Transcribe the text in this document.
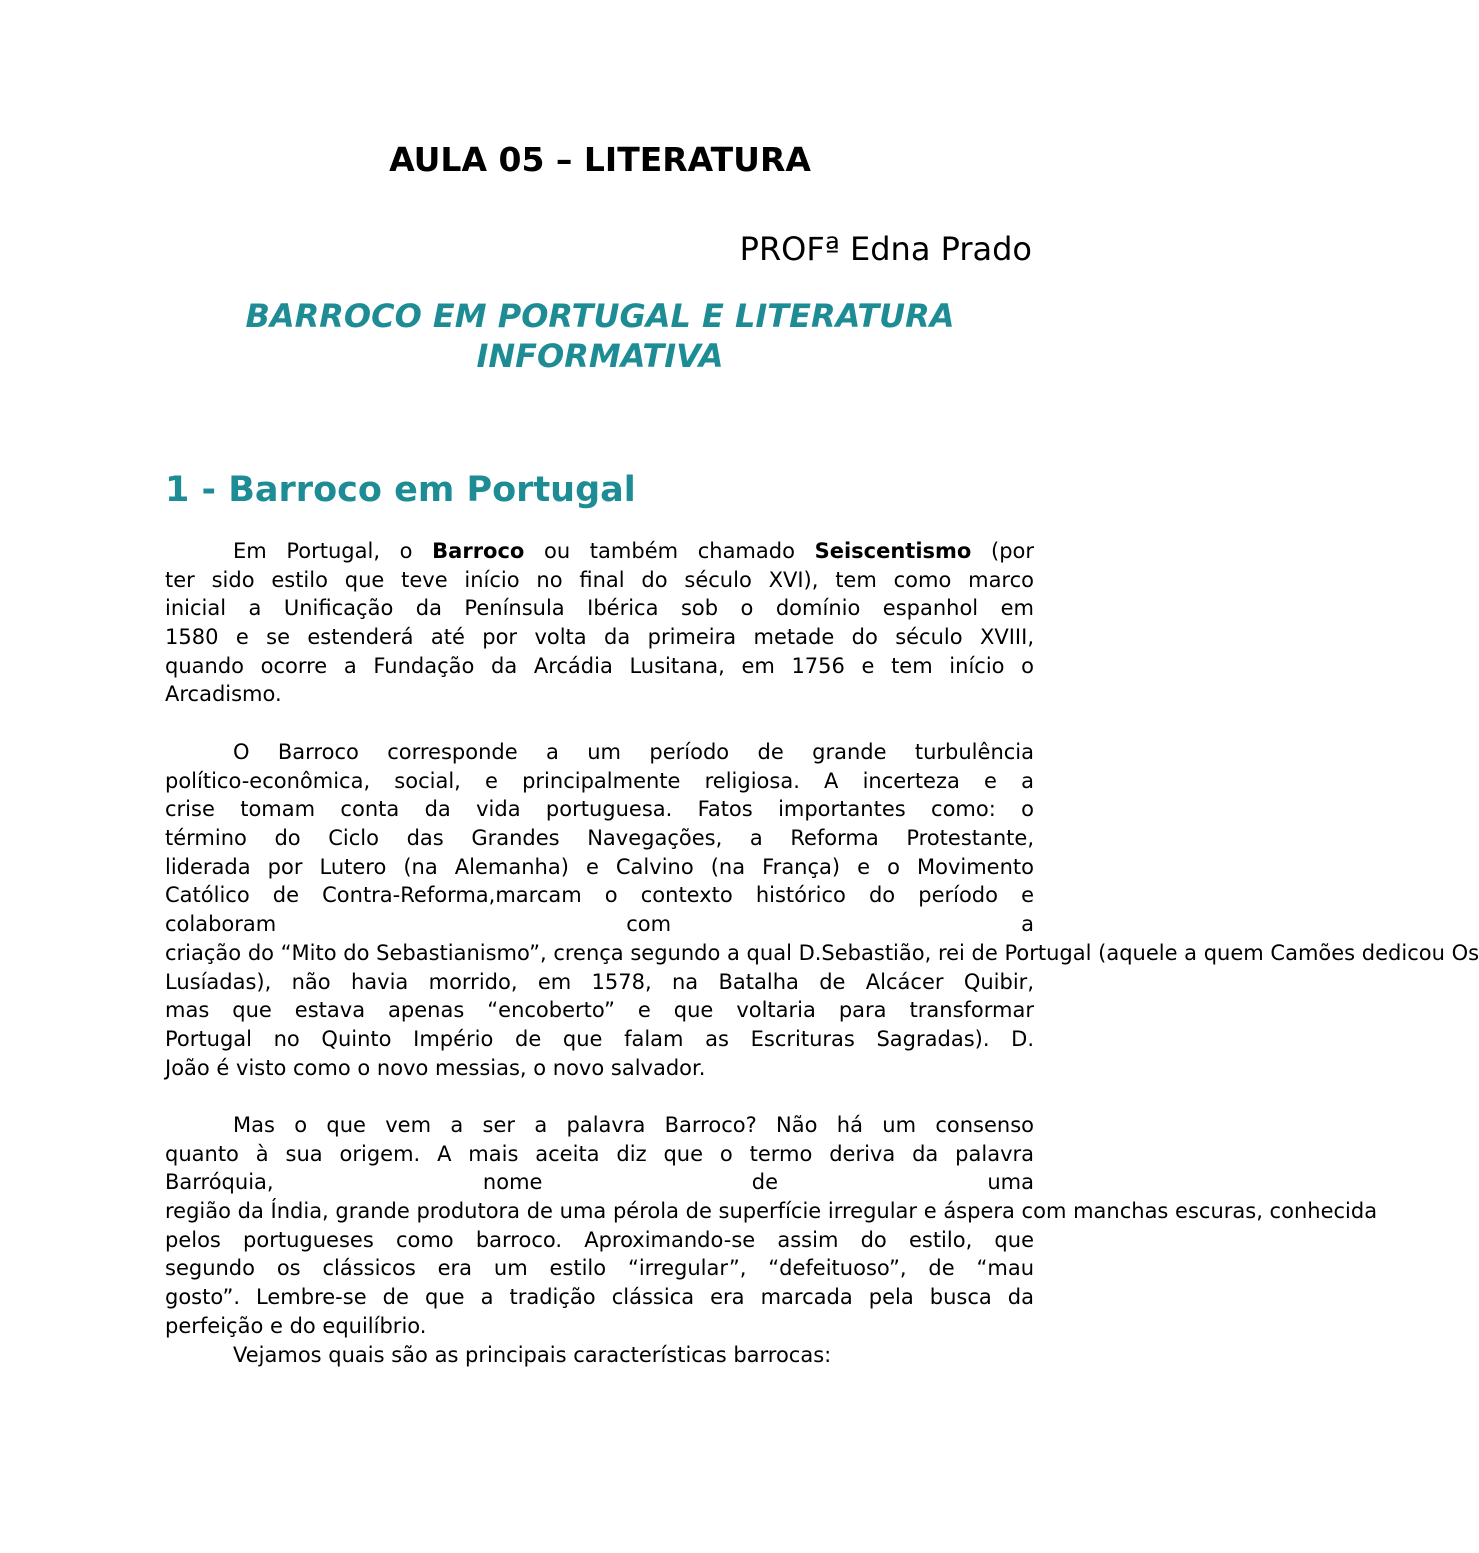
AULA 05 – LITERATURA

PROFª Edna Prado

BARROCO EM PORTUGAL E LITERATURA
INFORMATIVA
1 - Barroco em Portugal
Em Portugal, o Barroco ou também chamado Seiscentismo (por
ter sido estilo que teve início no final do século XVI), tem como marco
inicial a Unificação da Península Ibérica sob o domínio espanhol em
1580 e se estenderá até por volta da primeira metade do século XVIII,
quando ocorre a Fundação da Arcádia Lusitana, em 1756 e tem início o
Arcadismo.
O Barroco corresponde a um período de grande turbulência
político-econômica, social, e principalmente religiosa. A incerteza e a
crise tomam conta da vida portuguesa. Fatos importantes como: o
término do Ciclo das Grandes Navegações, a Reforma Protestante,
liderada por Lutero (na Alemanha) e Calvino (na França) e o Movimento
Católico de Contra-Reforma,marcam o contexto histórico do período e
colaboram com a
criação do “Mito do Sebastianismo”, crença segundo a qual D.Sebastião, rei de Portugal (aquele a quem Camões dedicou Os
Lusíadas), não havia morrido, em 1578, na Batalha de Alcácer Quibir,
mas que estava apenas “encoberto” e que voltaria para transformar
Portugal no Quinto Império de que falam as Escrituras Sagradas). D.
João é visto como o novo messias, o novo salvador.
Mas o que vem a ser a palavra Barroco? Não há um consenso
quanto à sua origem. A mais aceita diz que o termo deriva da palavra
Barróquia, nome de uma
região da Índia, grande produtora de uma pérola de superfície irregular e áspera com manchas escuras, conhecida
pelos portugueses como barroco. Aproximando-se assim do estilo, que
segundo os clássicos era um estilo “irregular”, “defeituoso”, de “mau
gosto”. Lembre-se de que a tradição clássica era marcada pela busca da
perfeição e do equilíbrio.
Vejamos quais são as principais características barrocas:
